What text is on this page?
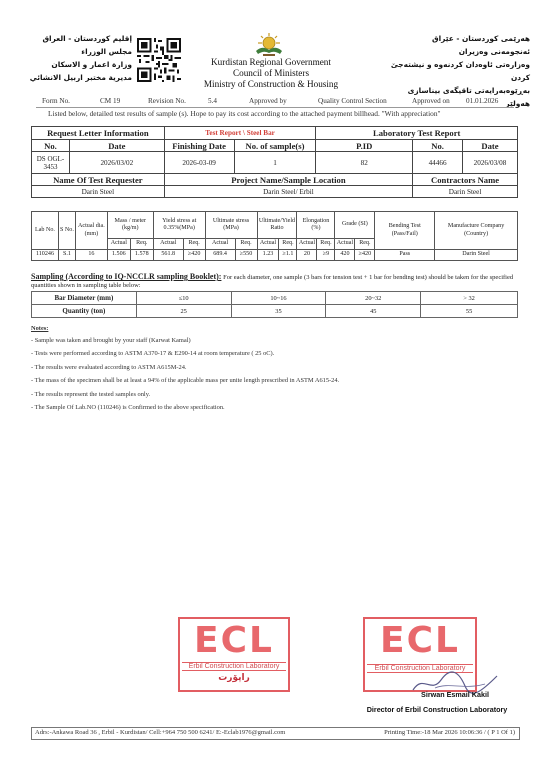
إقليم كوردستان - العراق
مجلس الوزراء
وزارة اعمار و الاسكان
مديرية مختبر اربيل الانشائي
Kurdistan Regional Government
Council of Ministers
Ministry of Construction & Housing
هەرێمی کوردستان - عێراق
ئەنجومەنی وەزیران
وەزارەتی ئاوەدان کردنەوە و نیشتەجێ کردن
بەڕێوەبەرایەتی تاقیگەی بیناسازی هەولێر
Form No.	CM 19	Revision No.	5.4	Approved by	Quality Control Section	Approved on 01.01.2026
Listed below, detailed test results of sample (s). Hope to pay its cost according to the attached payment billhead. "With appreciation"
Request Letter Information		Test Report \ Steel Bar		Laboratory Test Report		
No.	Date	Finishing Date	No. of sample(s)	P.ID	No.	Date
DS OGL-3453	2026/03/02	2026-03-09	1	82	44466	2026/03/08
Name Of Test Requester		Project Name/Sample Location			Contractors Name	
Darin Steel		Darin Steel/ Erbil			Darin Steel	
Lab No.	S No.	Actual dia.(mm)	Mass / meter (kg/m)		Yield stress at 0.35%(MPa)		Ultimate stress (MPa)		Ultimate/Yield Ratio		Elongation (%)		Grade (SI)		Bending Test (Pass/Fail)	Manufacture Company (Country)
			Actual	Req.	Actual	Req.	Actual	Req.	Actual	Req.	Actual	Req.	Actual	Req.		
110246	S.1	16	1.506	1.578	561.8	≥420	689.4	≥550	1.23	≥1.1	20	≥9	420	≥420	Pass	Darin Steel
Sampling (According to IQ-NCCLR sampling Booklet): For each diameter, one sample (3 bars for tension test + 1 bar for bending test) should be taken for the specified quantities shown in sampling table below:
Bar Diameter (mm)	≤10	10~16	20~32	> 32
Quantity (ton)	25	35	45	55
Notes:
- Sample was taken and brought by your staff (Karwat Kamal)
- Tests were performed according to ASTM A370-17 & E290-14 at room temperature ( 25 oC).
- The results were evaluated according to ASTM A615M-24.
- The mass of the specimen shall be at least a 94% of the applicable mass per unite length prescribed in ASTM A615-24.
- The results represent the tested samples only.
- The Sample Of Lab.NO (110246) is Confirmed to the above specification.
ECL
Erbil Construction Laboratory
راپۆرت
ECL
Erbil Construction Laboratory
Sirwan Esmail Kakil
Director of Erbil Construction Laboratory
Adrs:-Ankawa Road 36 , Erbil - Kurdistan/ Cell:+964 750 500 6241/ E:-Eclab1976@gmail.com	Printing Time:-18 Mar 2026 10:06:36 / ( P 1 Of 1)
